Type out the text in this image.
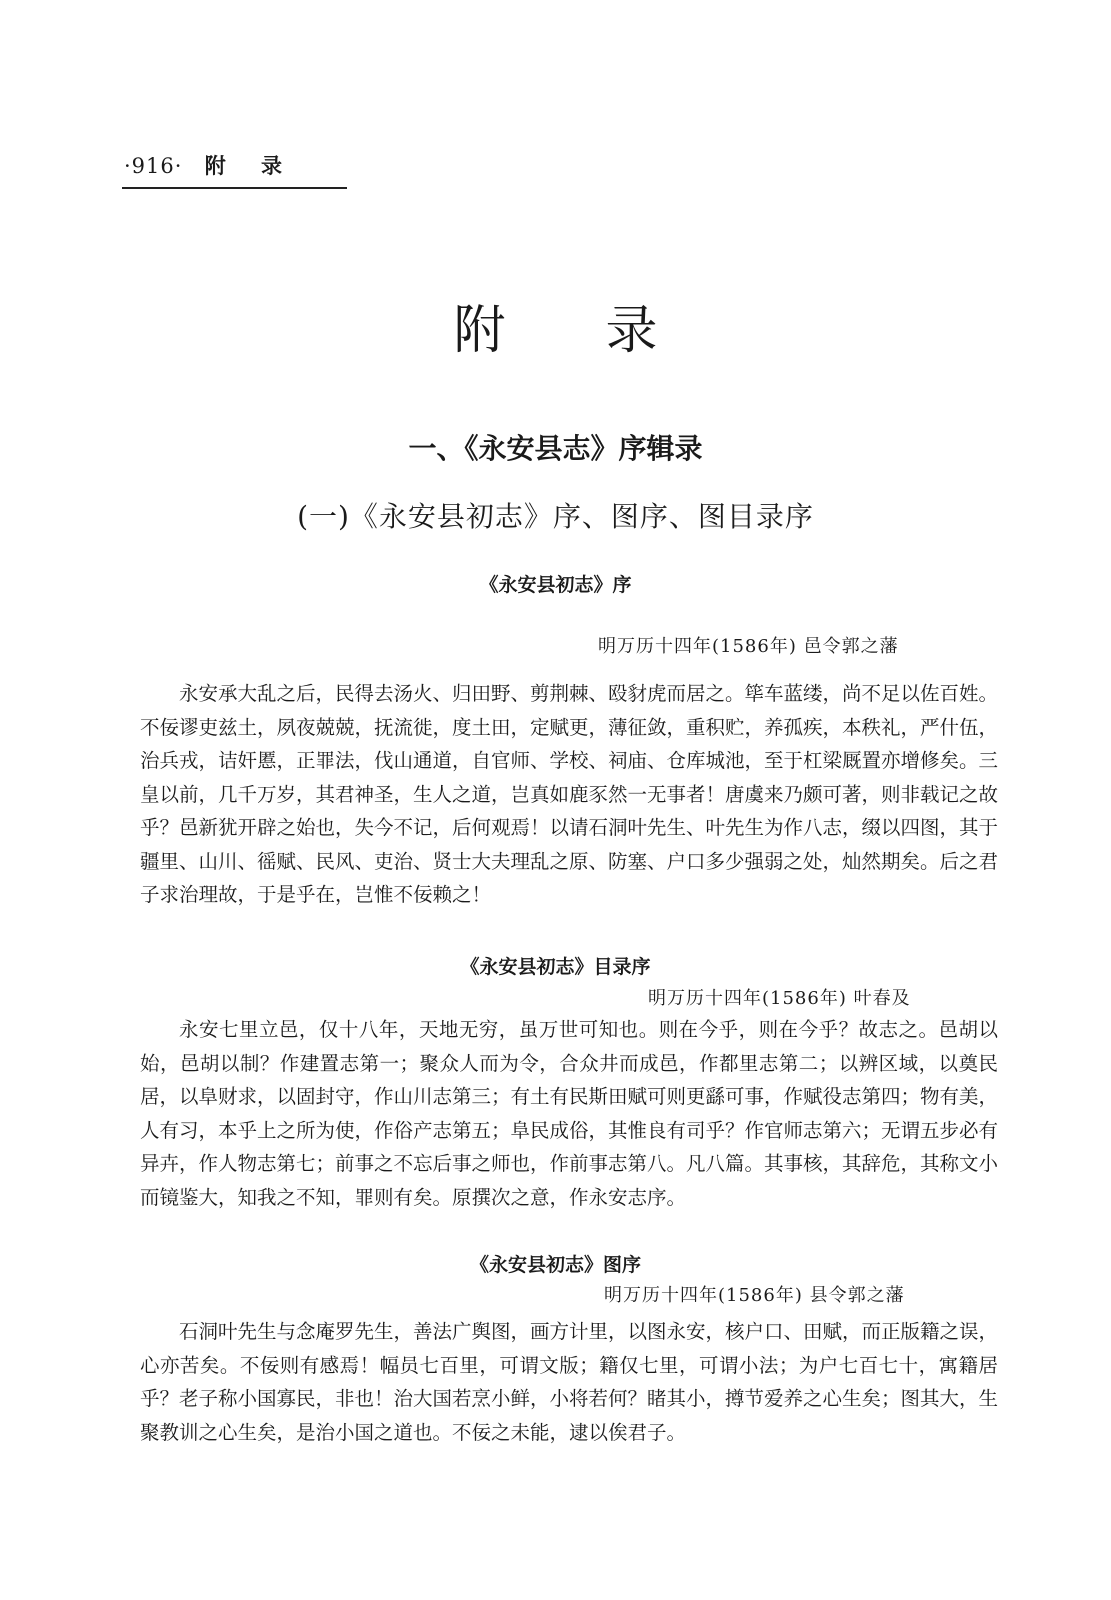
·916· 附 录
附录
一、《永安县志》序辑录
(一)《永安县初志》序、图序、图目录序
《永安县初志》序
明万历十四年(1586年) 邑令郭之藩

永安承大乱之后，民得去汤火、归田野、剪荆棘、殴豺虎而居之。筚车蓝缕，尚不足以佐百姓。不佞谬吏兹土，夙夜兢兢，抚流徙，度土田，定赋更，薄征敛，重积贮，养孤疾，本秩礼，严什伍，治兵戎，诘奸慝，正罪法，伐山通道，自官师、学校、祠庙、仓库城池，至于杠梁厩置亦增修矣。三皇以前，几千万岁，其君神圣，生人之道，岂真如鹿豕然一无事者！唐虞来乃颇可著，则非载记之故乎？邑新犹开辟之始也，失今不记，后何观焉！以请石洞叶先生、叶先生为作八志，缀以四图，其于疆里、山川、徭赋、民风、吏治、贤士大夫理乱之原、防塞、户口多少强弱之处，灿然期矣。后之君子求治理故，于是乎在，岂惟不佞赖之！

《永安县初志》目录序
明万历十四年(1586年) 叶春及

永安七里立邑，仅十八年，天地无穷，虽万世可知也。则在今乎，则在今乎？故志之。邑胡以始，邑胡以制？作建置志第一；聚众人而为令，合众井而成邑，作都里志第二；以辨区域，以奠民居，以阜财求，以固封守，作山川志第三；有土有民斯田赋可则更繇可事，作赋役志第四；物有美，人有习，本乎上之所为使，作俗产志第五；阜民成俗，其惟良有司乎？作官师志第六；无谓五步必有异卉，作人物志第七；前事之不忘后事之师也，作前事志第八。凡八篇。其事核，其辞危，其称文小而镜鉴大，知我之不知，罪则有矣。原撰次之意，作永安志序。

《永安县初志》图序
明万历十四年(1586年) 县令郭之藩

石洞叶先生与念庵罗先生，善法广舆图，画方计里，以图永安，核户口、田赋，而正版籍之误，心亦苦矣。不佞则有感焉！幅员七百里，可谓文版；籍仅七里，可谓小法；为户七百七十，寓籍居乎？老子称小国寡民，非也！治大国若烹小鲜，小将若何？睹其小，撙节爱养之心生矣；图其大，生聚教训之心生矣，是治小国之道也。不佞之未能，逮以俟君子。
